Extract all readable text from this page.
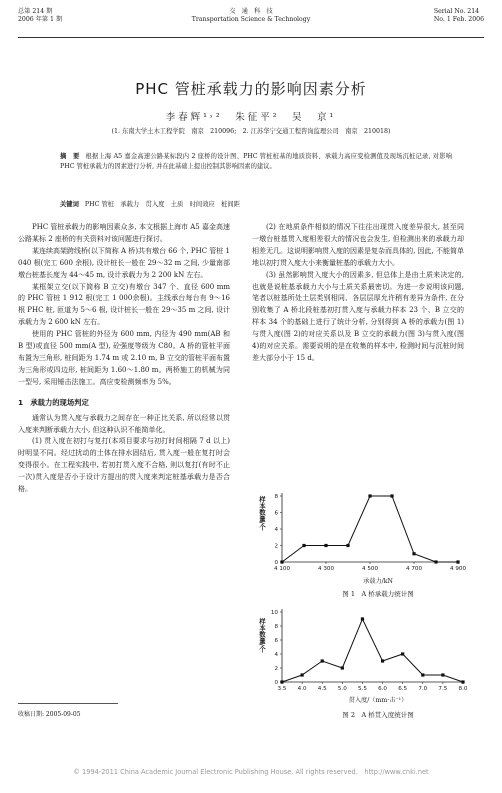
总第 214 期
2006 年第 1 期
交　通　科　技
Transportation Science & Technology
Serial No. 214
No. 1 Feb. 2006
PHC 管桩承载力的影响因素分析
李春辉¹˒²　朱征平²　吴　京¹
(1. 东南大学土木工程学院　南京　210096;　2. 江苏华宁交通工程咨询监理公司　南京　210018)
摘　要 根据上海 A5 嘉金高速公路某标段内 2 座桥的设计图、PHC 管桩桩基的地质资料、承载力高应变检测值及现场沉桩记录, 对影响 PHC 管桩承载力的因素进行分析, 并在此基础上提出控制其影响因素的建议。
关键词 PHC 管桩　承载力　贯入度　土质　时间效应　桩间距

PHC 管桩承载力的影响因素众多, 本文根据上海市 A5 嘉金高速公路某标 2 座桥的有关资料对该问题进行探讨。

某连续高架跨线桥(以下简称 A 桥)共有墩台 66 个, PHC 管桩 1 040 根(完工 600 余根), 设计桩长一般在 29～32 m 之间, 少量南部墩台桩基长度为 44～45 m, 设计承载力为 2 200 kN 左右。

某框架立交(以下简称 B 立交)有墩台 347 个、直径 600 mm 的 PHC 管桩 1 912 根(完工 1 000余根)。主线承台每台有 9～16 根 PHC 桩, 匝道为 5～6 根, 设计桩长一般在 29～35 m 之间, 设计承载力为 2 600 kN 左右。

使用的 PHC 管桩的外径为 600 mm, 内径为 490 mm(AB 和 B 型)或直径 500 mm(A 型), 砼强度等级为 C80。A 桥的管桩平面布置为三角形, 桩间距为 1.74 m 或 2.10 m, B 立交的管桩平面布置为三角形或四边形, 桩间距为 1.60～1.80 m。两桥施工的机械为同一型号, 采用锤击法施工。高应变检测频率为 5%。

1　承载力的现场判定

通常认为贯入度与承载力之间存在一种正比关系, 所以经常以贯入度来判断承载力大小, 但这种认识不能简单化。

(1) 贯入度在初打与复打(本项目要求与初打时间相隔 7 d 以上)时明显不同。经过扰动的土体在排水固结后, 贯入度一般在复打时会变得很小。在工程实践中, 若初打贯入度不合格, 则以复打(有时不止一次)贯入度是否小于设计方提出的贯入度来判定桩基承载力是否合格。

收稿日期: 2005-09-05

(2) 在地质条件相似的情况下往往出现贯入度差异很大, 甚至同一墩台桩基贯入度相差很大的情况也会发生, 但检测出来的承载力却相差无几。这说明影响贯入度的因素是复杂而具体的, 因此, 不能简单地以初打贯入度大小来衡量桩基的承载力大小。

(3) 虽然影响贯入度大小的因素多, 但总体上是由土质来决定的, 也就是说桩基承载力大小与土质关系最密切。为进一步说明该问题, 笔者以桩基所处土层类别相同、各层层厚允许稍有差异为条件, 在分别收集了 A 桥北段桩基初打贯入度与承载力样本 23 个、B 立交的样本 34 个的基础上进行了统计分析, 分别得到 A 桥的承载力(图 1)与贯入度(图 2)的对应关系以及 B 立交的承载力(图 3)与贯入度(图 4)的对应关系。需要说明的是在收集的样本中, 检测时间与沉桩时间差大部分小于 15 d。

样本数量/个
0
2
4
6
8
4 100	4 300	4 500	4 700	4 900
承载力/kN
图 1　A 桥承载力统计图
样本数量/个
0
2
4
6
8
10
3.5 4.0 4.5 5.0 5.5 6.0 6.5 7.0 7.5 8.0
贯入度/（mm·击⁻¹）
图 2　A 桥贯入度统计图
© 1994-2011 China Academic Journal Electronic Publishing House. All rights reserved.　http://www.cnki.net
